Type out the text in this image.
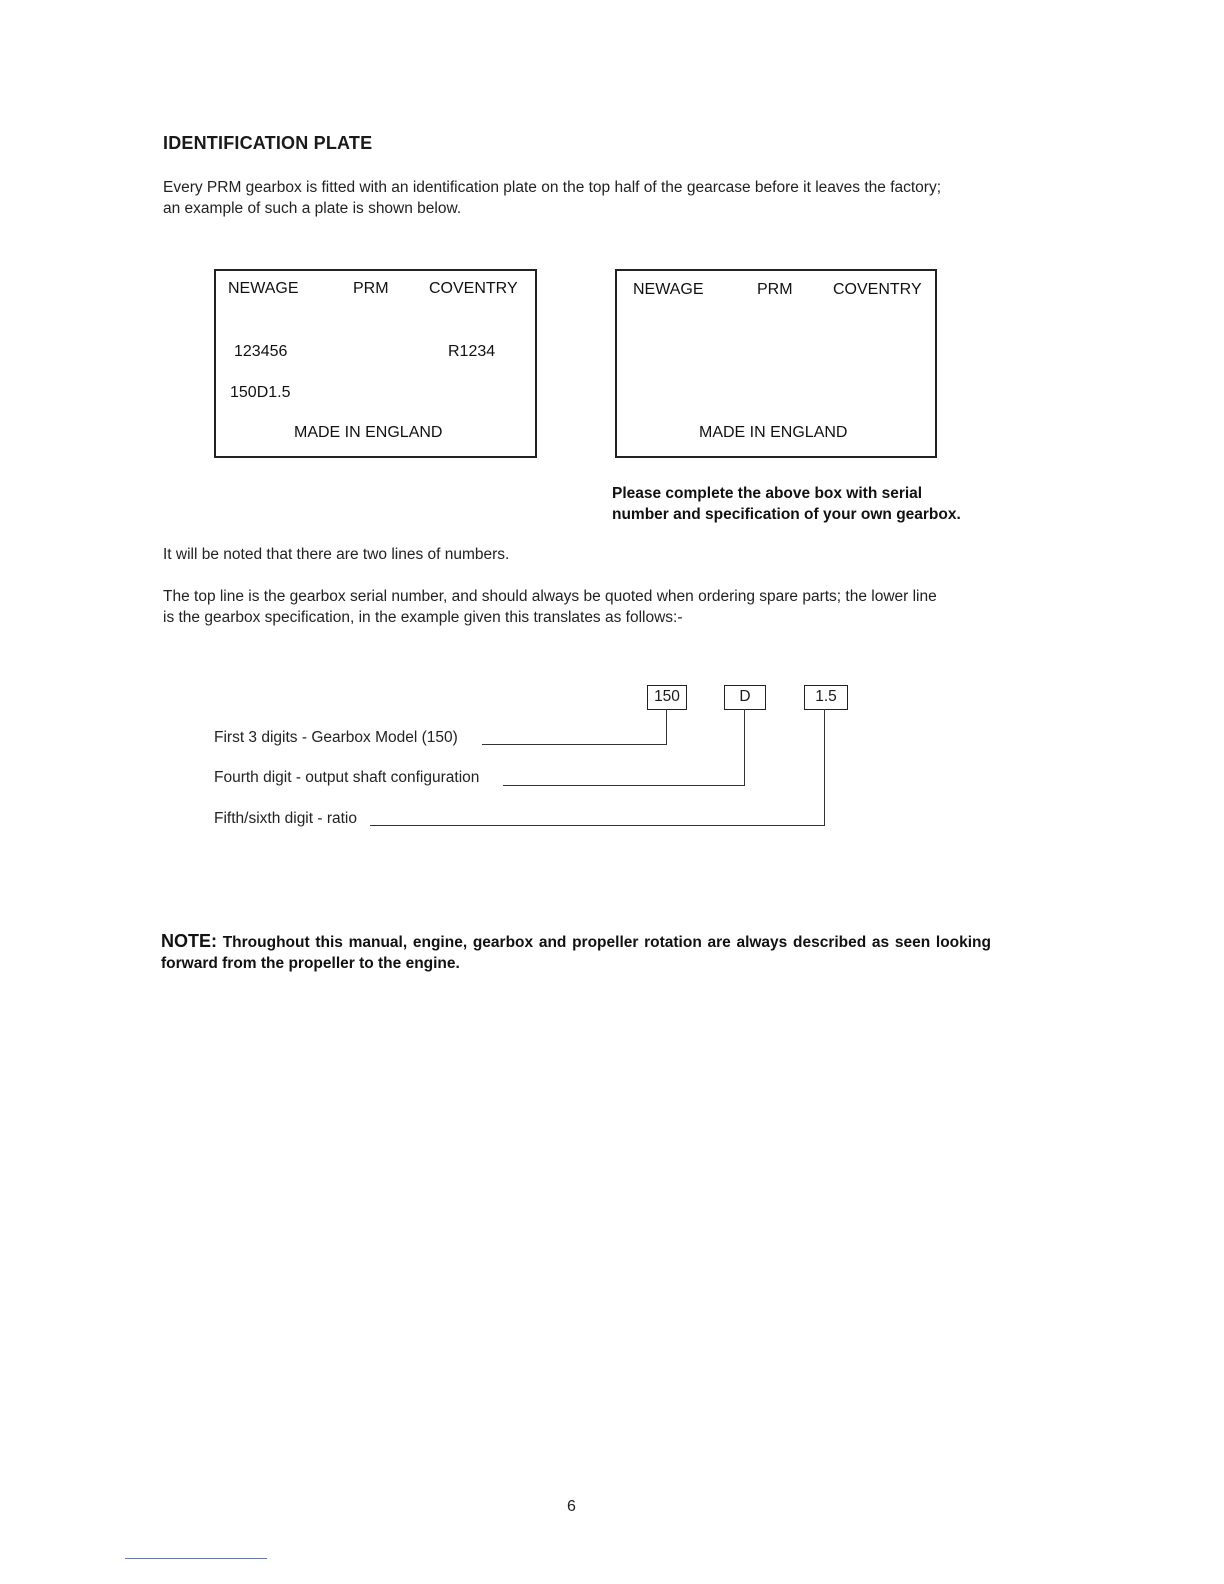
IDENTIFICATION PLATE
Every PRM gearbox is fitted with an identification plate on the top half of the gearcase before it leaves the factory;
an example of such a plate is shown below.
NEWAGE	PRM	COVENTRY
123456	R1234
150D1.5
MADE IN ENGLAND
NEWAGE	PRM	COVENTRY
MADE IN ENGLAND
Please complete the above box with serial
number and specification of your own gearbox.
It will be noted that there are two lines of numbers.
The top line is the gearbox serial number, and should always be quoted when ordering spare parts; the lower line
is the gearbox specification, in the example given this translates as follows:-
150	D	1.5
First 3 digits - Gearbox Model (150)
Fourth digit - output shaft configuration
Fifth/sixth digit - ratio
NOTE: Throughout this manual, engine, gearbox and propeller rotation are always described as seen looking forward from the propeller to the engine.
6
